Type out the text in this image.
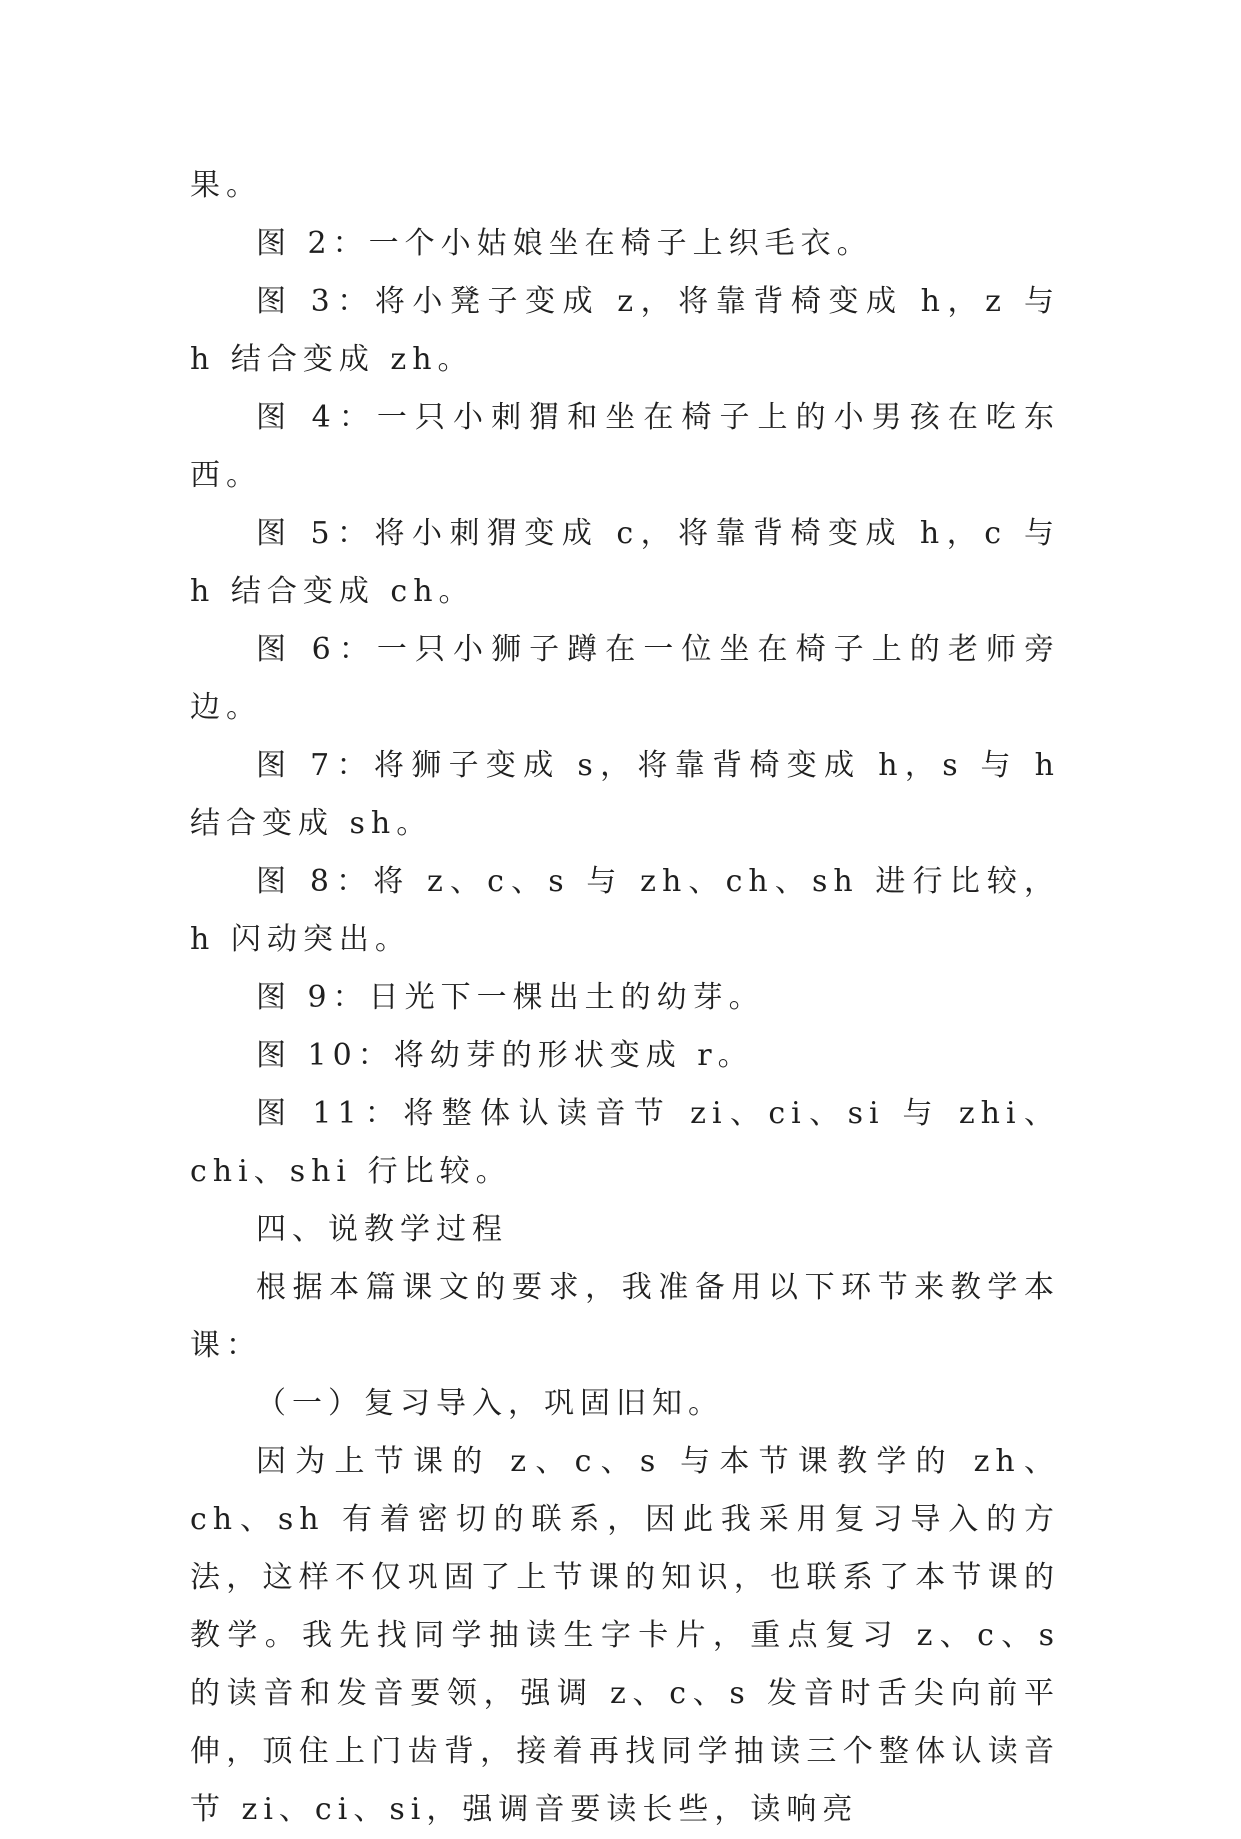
果。

图 2：一个小姑娘坐在椅子上织毛衣。

图 3：将小凳子变成 z，将靠背椅变成 h，z 与 h 结合变成 zh。

图 4：一只小刺猬和坐在椅子上的小男孩在吃东西。

图 5：将小刺猬变成 c，将靠背椅变成 h，c 与 h 结合变成 ch。

图 6：一只小狮子蹲在一位坐在椅子上的老师旁边。

图 7：将狮子变成 s，将靠背椅变成 h，s 与 h 结合变成 sh。

图 8：将 z、c、s 与 zh、ch、sh 进行比较，h 闪动突出。

图 9：日光下一棵出土的幼芽。

图 10：将幼芽的形状变成 r。

图 11：将整体认读音节 zi、ci、si 与 zhi、chi、shi 行比较。

四、说教学过程

根据本篇课文的要求，我准备用以下环节来教学本课：

（一）复习导入，巩固旧知。

因为上节课的 z、c、s 与本节课教学的 zh、ch、sh 有着密切的联系，因此我采用复习导入的方法，这样不仅巩固了上节课的知识，也联系了本节课的教学。我先找同学抽读生字卡片，重点复习 z、c、s 的读音和发音要领，强调 z、c、s 发音时舌尖向前平伸，顶住上门齿背，接着再找同学抽读三个整体认读音节 zi、ci、si，强调音要读长些，读响亮
